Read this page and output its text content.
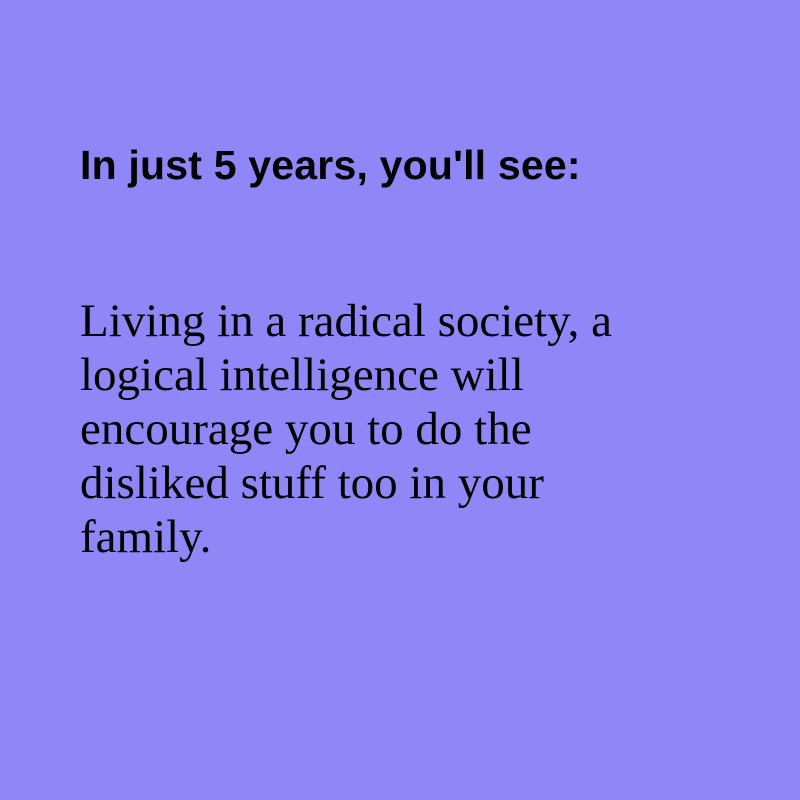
In just 5 years, you'll see:

Living in a radical society, a logical intelligence will encourage you to do the disliked stuff too in your family.
